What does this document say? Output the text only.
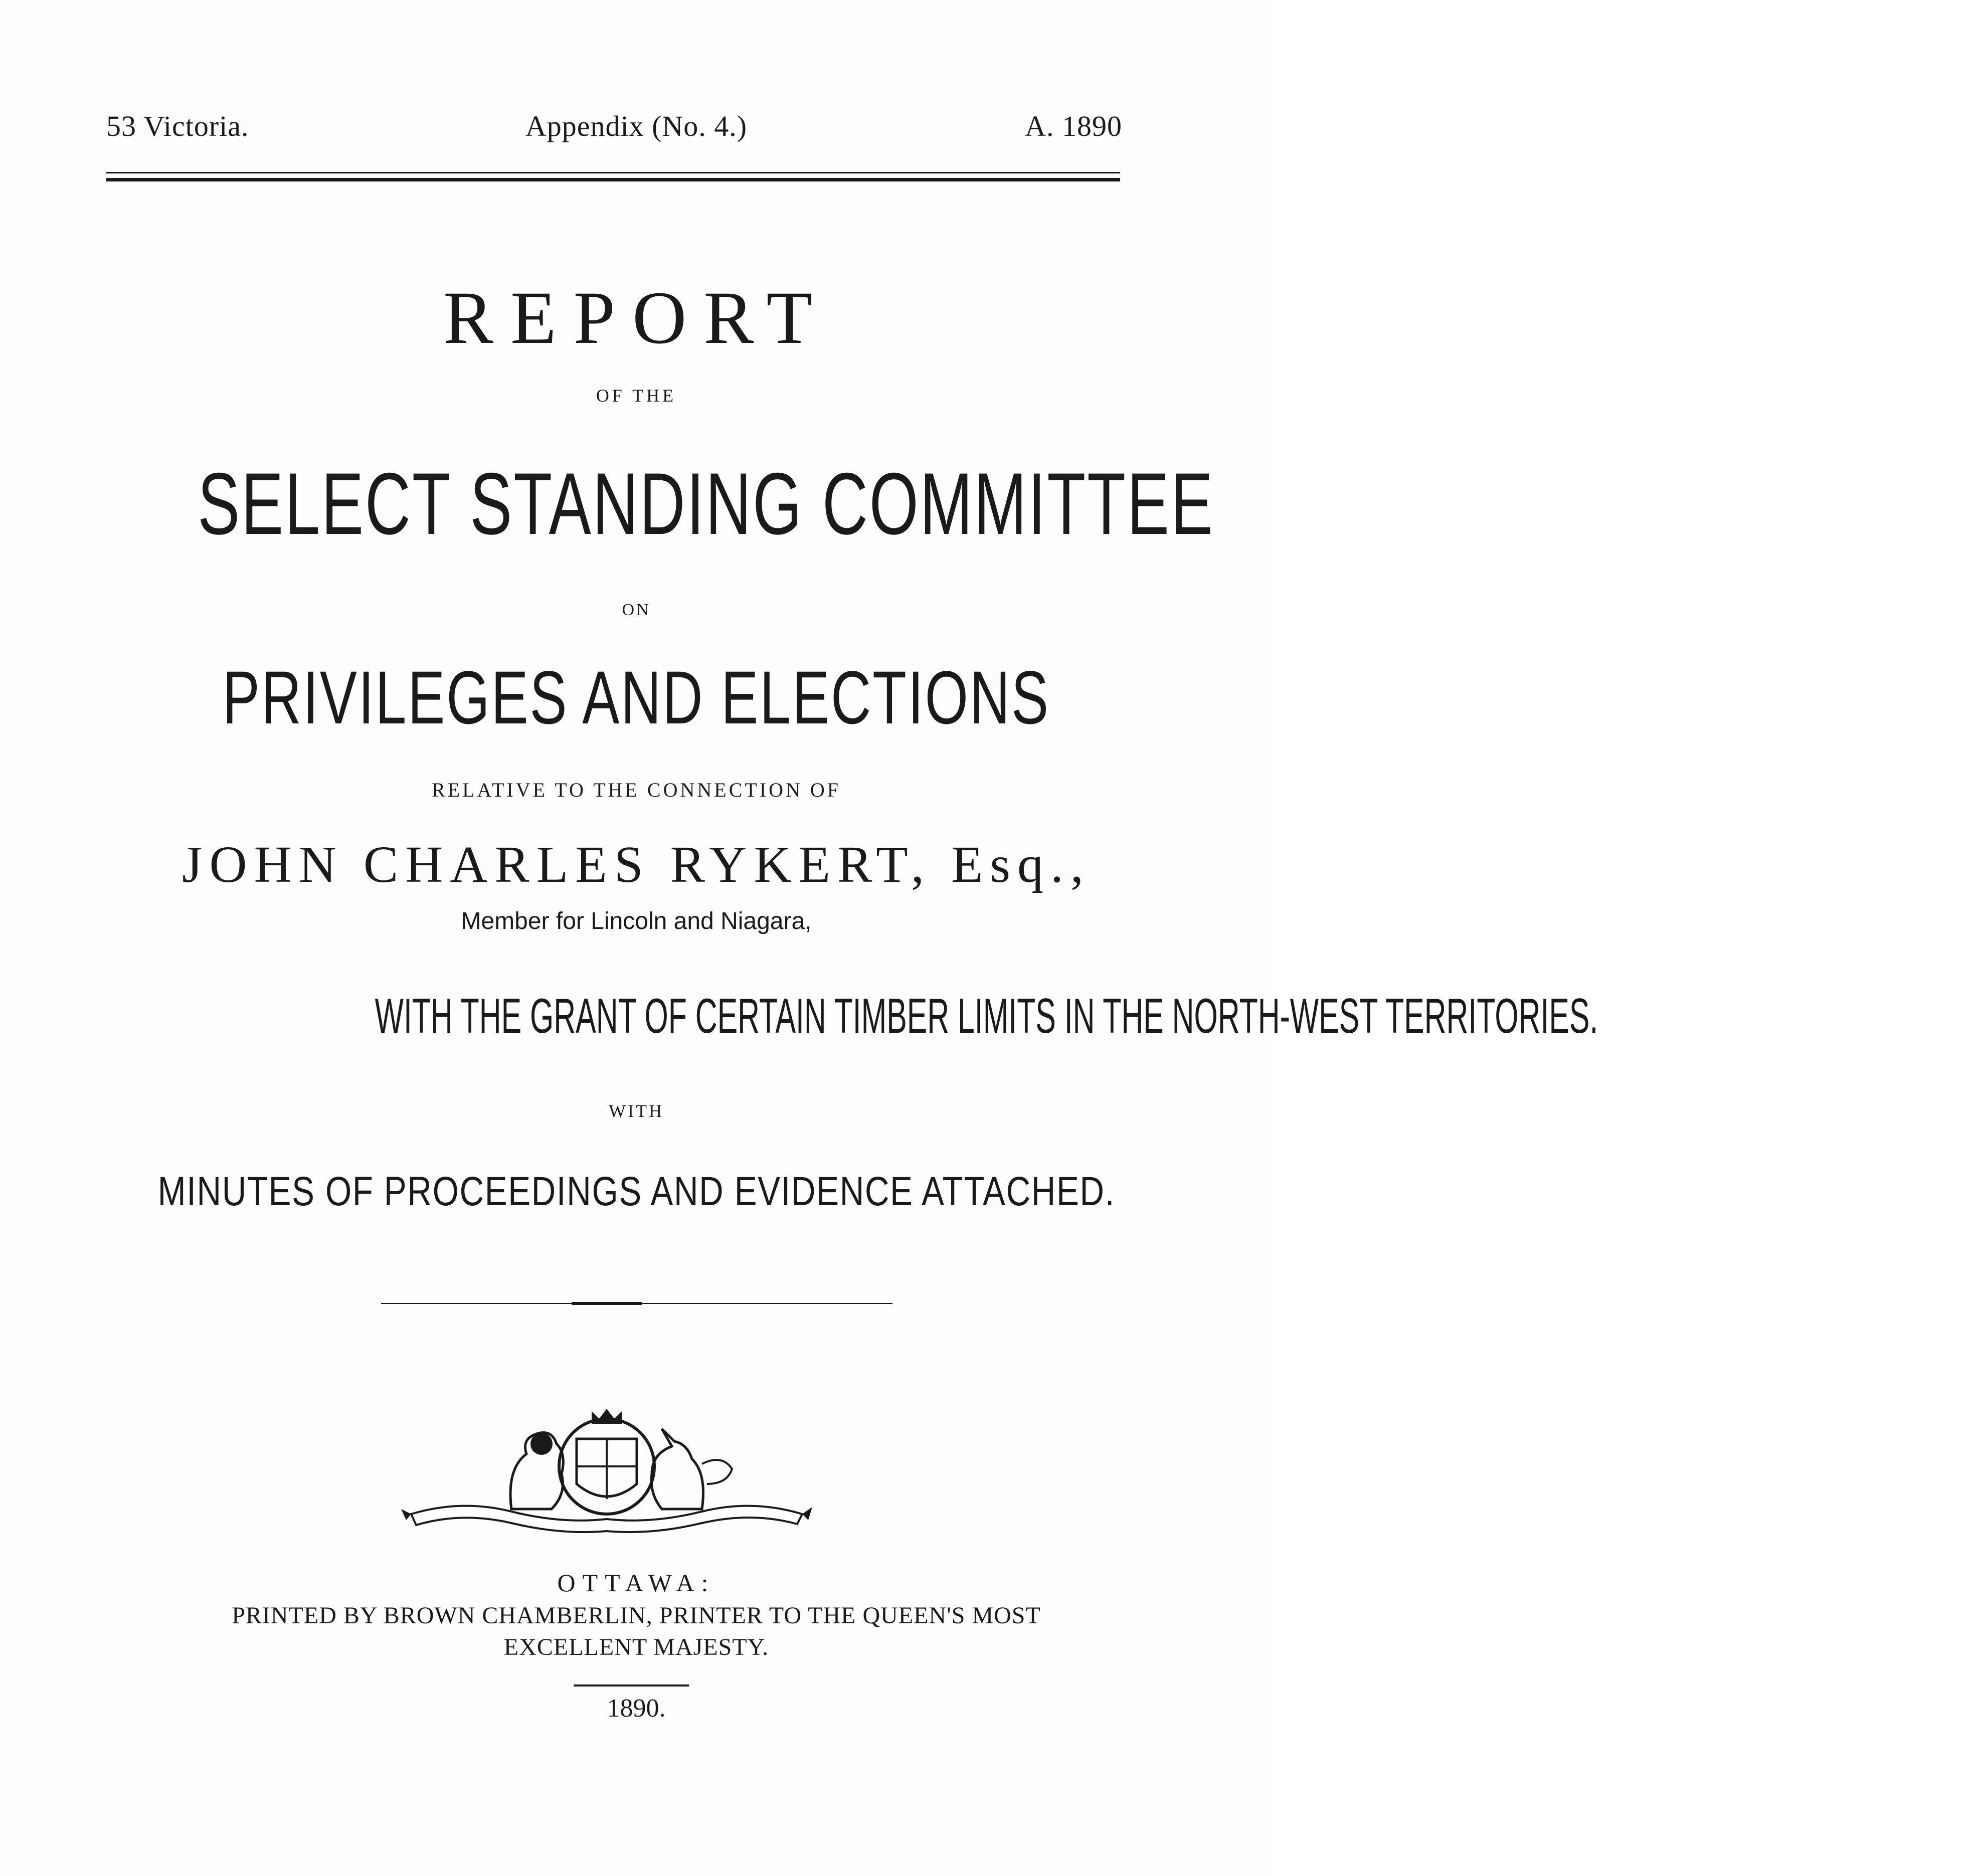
53 Victoria.	Appendix (No. 4.)	A. 1890
REPORT
OF THE
SELECT STANDING COMMITTEE
ON
PRIVILEGES AND ELECTIONS
RELATIVE TO THE CONNECTION OF
JOHN CHARLES RYKERT, Esq.,
Member for Lincoln and Niagara,
WITH THE GRANT OF CERTAIN TIMBER LIMITS IN THE NORTH-WEST TERRITORIES.
WITH
MINUTES OF PROCEEDINGS AND EVIDENCE ATTACHED.
OTTAWA:
PRINTED BY BROWN CHAMBERLIN, PRINTER TO THE QUEEN'S MOST
EXCELLENT MAJESTY.
1890.
